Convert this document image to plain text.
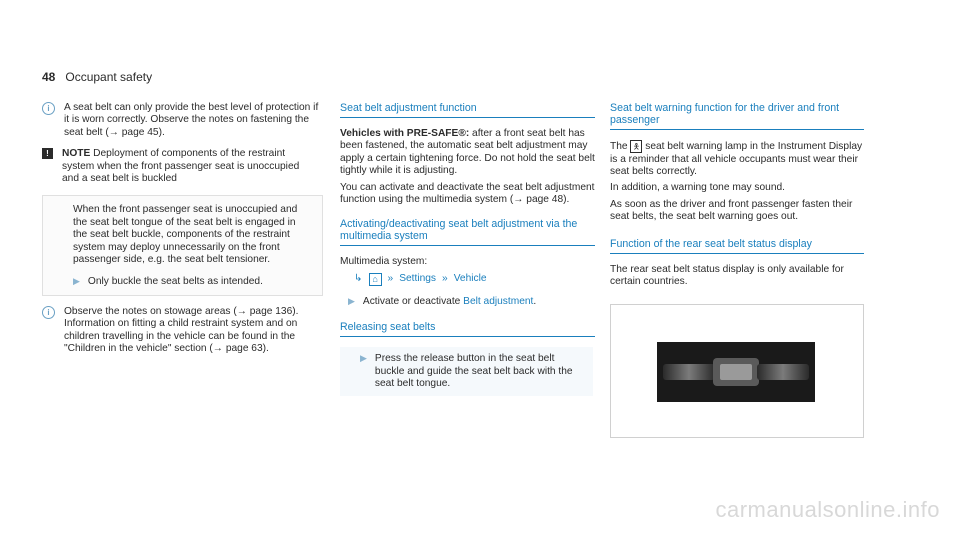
48 Occupant safety
i	A seat belt can only provide the best level of protection if it is worn correctly. Observe the notes on fastening the seat belt (→ page 45).

!	NOTE Deployment of components of the restraint system when the front passenger seat is unoccupied and a seat belt is buckled

When the front passenger seat is unoccupied and the seat belt tongue of the seat belt is engaged in the seat belt buckle, components of the restraint system may deploy unnecessarily on the front passenger side, e.g. the seat belt tensioner.

▶ Only buckle the seat belts as intended.

i	Observe the notes on stowage areas (→ page 136). Information on fitting a child restraint system and on children travelling in the vehicle can be found in the "Children in the vehicle" section (→ page 63).

Seat belt adjustment function

Vehicles with PRE-SAFE®: after a front seat belt has been fastened, the automatic seat belt adjustment may apply a certain tightening force. Do not hold the seat belt tightly while it is adjusting.

You can activate and deactivate the seat belt adjustment function using the multimedia system (→ page 48).

Activating/deactivating seat belt adjustment via the multimedia system

Multimedia system:

↳	⌂ » Settings » Vehicle
▶ Activate or deactivate Belt adjustment.

Releasing seat belts
▶ Press the release button in the seat belt buckle and guide the seat belt back with the seat belt tongue.

Seat belt warning function for the driver and front passenger

The 🯅 seat belt warning lamp in the Instrument Display is a reminder that all vehicle occupants must wear their seat belts correctly.

In addition, a warning tone may sound.

As soon as the driver and front passenger fasten their seat belts, the seat belt warning goes out.

Function of the rear seat belt status display

The rear seat belt status display is only available for certain countries.

carmanualsonline.info
